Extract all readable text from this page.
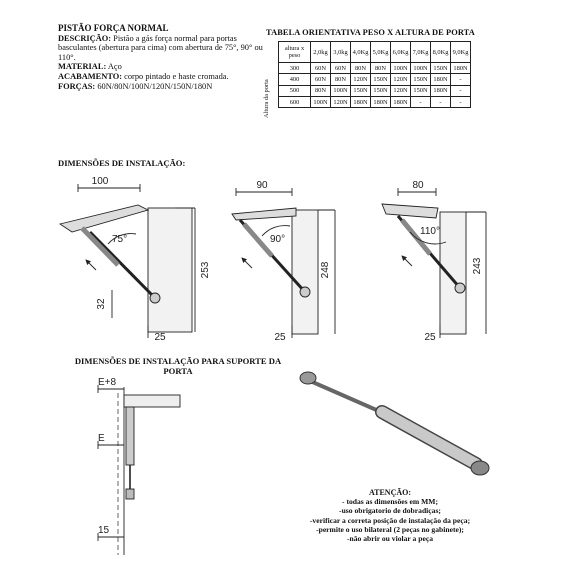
PISTÃO FORÇA NORMAL
DESCRIÇÃO: Pistão a gás força normal para portas basculantes (abertura para cima) com abertura de 75°, 90° ou 110°.
MATERIAL: Aço
ACABAMENTO: corpo pintado e haste cromada.
FORÇAS: 60N/80N/100N/120N/150N/180N
TABELA ORIENTATIVA PESO X ALTURA DE PORTA
Altura da porta
altura x peso	2,0kg	3,0kg	4,0Kg	5,0Kg	6,0Kg	7,0Kg	8,0Kg	9,0Kg
300	60N	60N	80N	80N	100N	100N	150N	180N
400	60N	80N	120N	150N	120N	150N	180N	-
500	80N	100N	150N	150N	120N	150N	180N	-
600	100N	120N	180N	180N	180N	-	-	-
DIMENSÕES DE INSTALAÇÃO:
100
75°
253
32
25
90
90°
248
25
80
110°
243
25
DIMENSÕES DE INSTALAÇÃO PARA SUPORTE DA
PORTA
E+8
E
15
ATENÇÃO:
- todas as dimensões em MM;
-uso obrigatorio de dobradiças;
-verificar a correta posição de instalação da peça;
-permite o uso bilateral (2 peças no gabinete);
-não abrir ou violar a peça
